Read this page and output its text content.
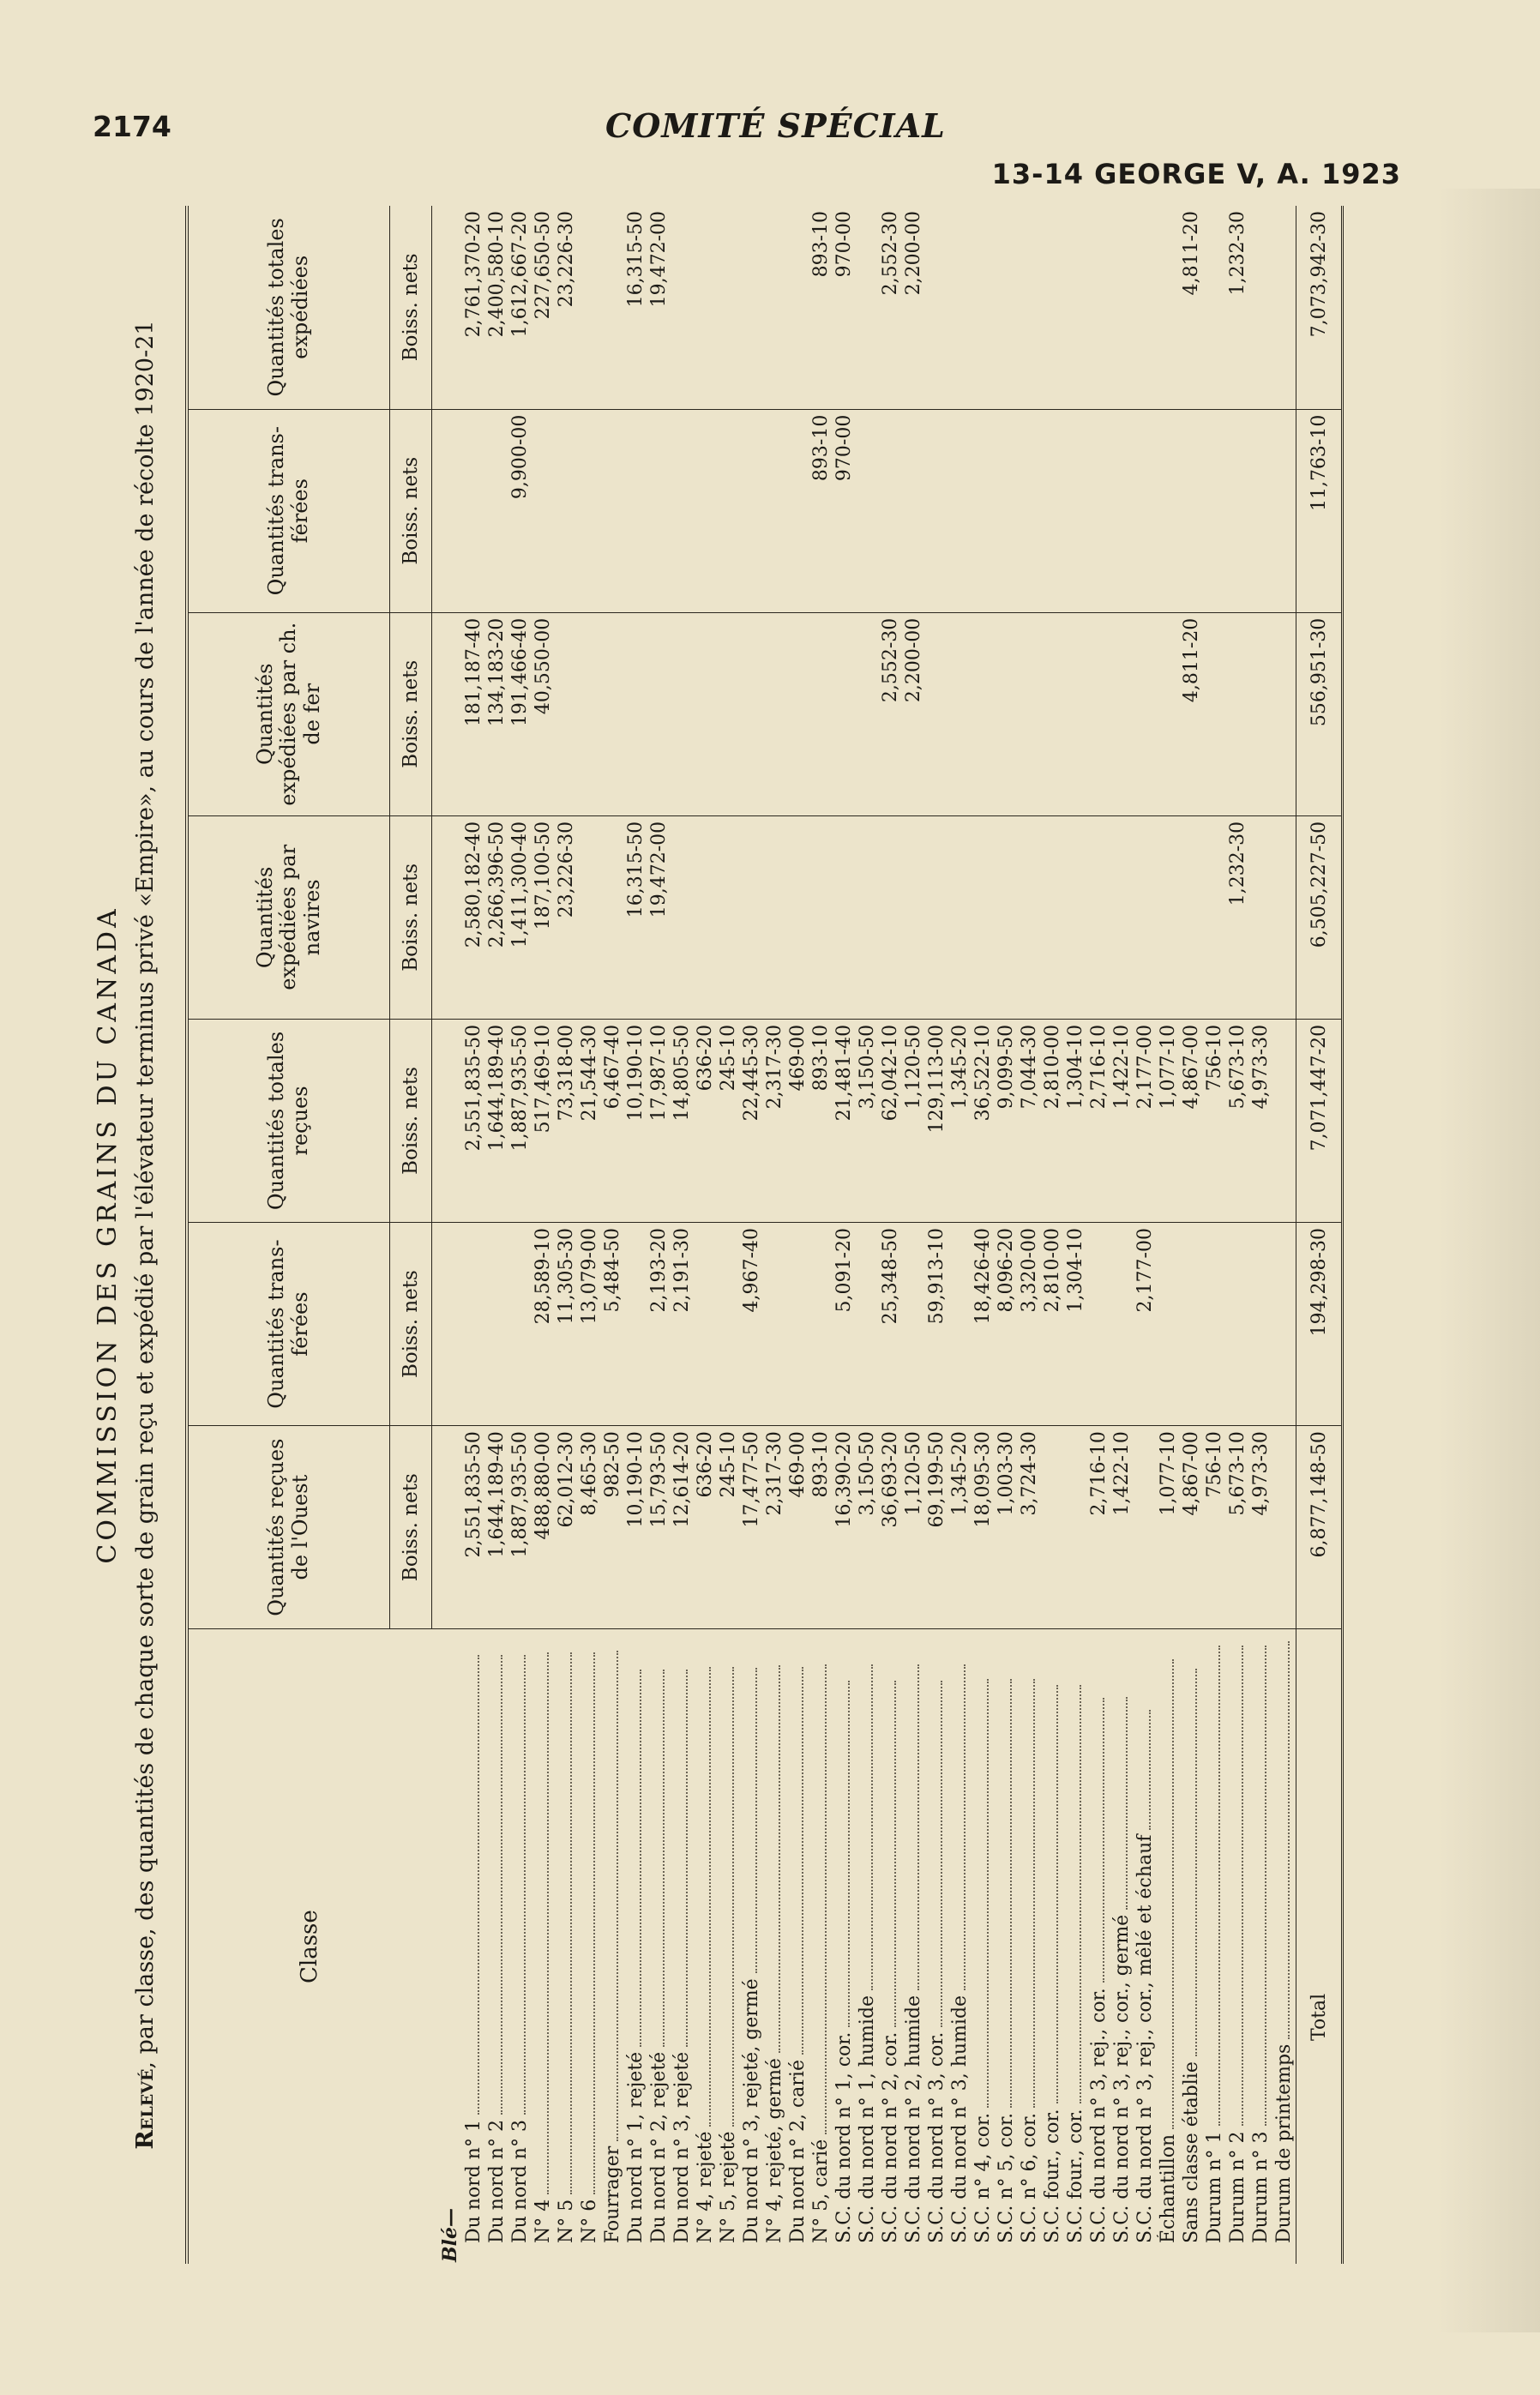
2174	COMITÉ SPÉCIAL
13-14 GEORGE V, A. 1923
COMMISSION DES GRAINS DU CANADA
Relevé, par classe, des quantités de chaque sorte de grain reçu et expédié par l'élévateur terminus privé «Empire», au cours de l'année de récolte 1920-21	Classe	Quantités reçues de l'Ouest	Quantités trans-férées	Quantités totales reçues	Quantités expédiées par navires	Quantités expédiées par ch. de fer	Quantités trans-férées	Quantités totales expédiées
	Boiss. nets	Boiss. nets	Boiss. nets	Boiss. nets	Boiss. nets	Boiss. nets	Boiss. nets

Blé—							
Du nord n° 1	2,551,835-50		2,551,835-50	2,580,182-40	181,187-40		2,761,370-20
Du nord n° 2	1,644,189-40		1,644,189-40	2,266,396-50	134,183-20		2,400,580-10
Du nord n° 3	1,887,935-50		1,887,935-50	1,411,300-40	191,466-40	9,900-00	1,612,667-20
N° 4	488,880-00	28,589-10	517,469-10	187,100-50	40,550-00		227,650-50
N° 5	62,012-30	11,305-30	73,318-00	23,226-30			23,226-30
N° 6	8,465-30	13,079-00	21,544-30				
Fourrager	982-50	5,484-50	6,467-40				
Du nord n° 1, rejeté	10,190-10		10,190-10	16,315-50			16,315-50
Du nord n° 2, rejeté	15,793-50	2,193-20	17,987-10	19,472-00			19,472-00
Du nord n° 3, rejeté	12,614-20	2,191-30	14,805-50				
N° 4, rejeté	636-20		636-20				
N° 5, rejeté	245-10		245-10				
Du nord n° 3, rejeté, germé	17,477-50	4,967-40	22,445-30				
N° 4, rejeté, germé	2,317-30		2,317-30				
Du nord n° 2, carié	469-00		469-00				
N° 5, carié	893-10		893-10			893-10	893-10
S.C. du nord n° 1, cor.	16,390-20	5,091-20	21,481-40			970-00	970-00
S.C. du nord n° 1, humide	3,150-50		3,150-50				
S.C. du nord n° 2, cor.	36,693-20	25,348-50	62,042-10		2,552-30		2,552-30
S.C. du nord n° 2, humide	1,120-50		1,120-50		2,200-00		2,200-00
S.C. du nord n° 3, cor.	69,199-50	59,913-10	129,113-00				
S.C. du nord n° 3, humide	1,345-20		1,345-20				
S.C. n° 4, cor.	18,095-30	18,426-40	36,522-10				
S.C. n° 5, cor.	1,003-30	8,096-20	9,099-50				
S.C. n° 6, cor.	3,724-30	3,320-00	7,044-30				
S.C. four., cor.		2,810-00	2,810-00				
S.C. four., cor.		1,304-10	1,304-10				
S.C. du nord n° 3, rej., cor.	2,716-10		2,716-10				
S.C. du nord n° 3, rej., cor., germé	1,422-10		1,422-10				
S.C. du nord n° 3, rej., cor., mêlé et échauf		2,177-00	2,177-00				
Échantillon	1,077-10		1,077-10				
Sans classe établie	4,867-00		4,867-00		4,811-20		4,811-20
Durum n° 1	756-10		756-10				
Durum n° 2	5,673-10		5,673-10	1,232-30			1,232-30
Durum n° 3	4,973-30		4,973-30				
Durum de printemps							
Total	6,877,148-50	194,298-30	7,071,447-20	6,505,227-50	556,951-30	11,763-10	7,073,942-30
